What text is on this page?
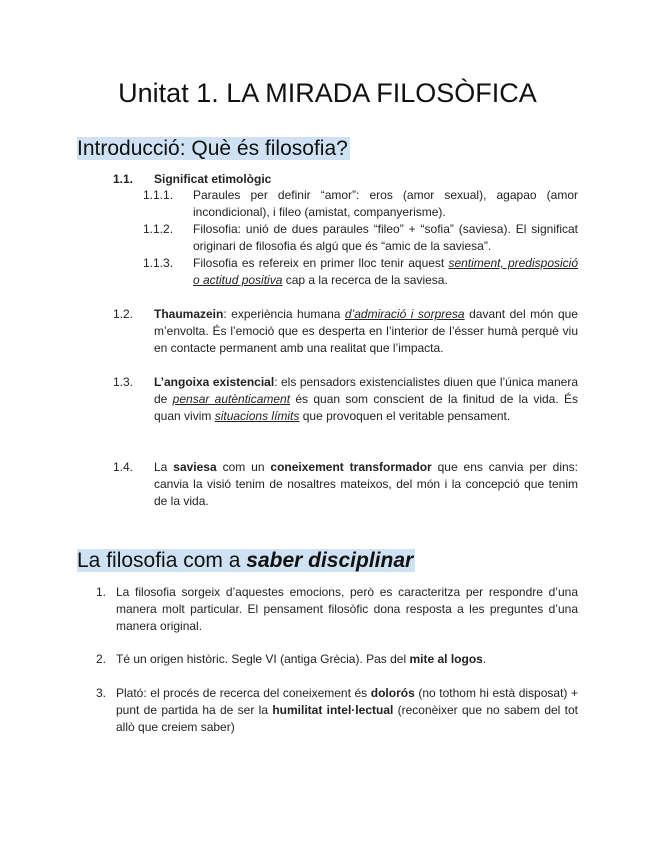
Unitat 1. LA MIRADA FILOSÒFICA
Introducció: Què és filosofia?
1.1. Significat etimològic
1.1.1. Paraules per definir “amor”: eros (amor sexual), agapao (amor incondicional), i fileo (amistat, companyerisme).
1.1.2. Filosofia: unió de dues paraules “fileo” + “sofia” (saviesa). El significat originari de filosofia és algú que és “amic de la saviesa”.
1.1.3. Filosofia es refereix en primer lloc tenir aquest sentiment, predisposició o actitud positiva cap a la recerca de la saviesa.
1.2. Thaumazein: experiència humana d’admiració i sorpresa davant del món que m’envolta. És l’emoció que es desperta en l’interior de l’ésser humà perquè viu en contacte permanent amb una realitat que l’impacta.
1.3. L’angoixa existencial: els pensadors existencialistes diuen que l’única manera de pensar autènticament és quan som conscient de la finitud de la vida. És quan vivim situacions límits que provoquen el veritable pensament.
1.4. La saviesa com un coneixement transformador que ens canvia per dins: canvia la visió tenim de nosaltres mateixos, del món i la concepció que tenim de la vida.
La filosofia com a saber disciplinar
1. La filosofia sorgeix d’aquestes emocions, però es caracteritza per respondre d’una manera molt particular. El pensament filosòfic dona resposta a les preguntes d’una manera original.
2. Té un origen històric. Segle VI (antiga Grècia). Pas del mite al logos.
3. Plató: el procés de recerca del coneixement és dolorós (no tothom hi està disposat) + punt de partida ha de ser la humilitat intel·lectual (reconèixer que no sabem del tot allò que creiem saber)
